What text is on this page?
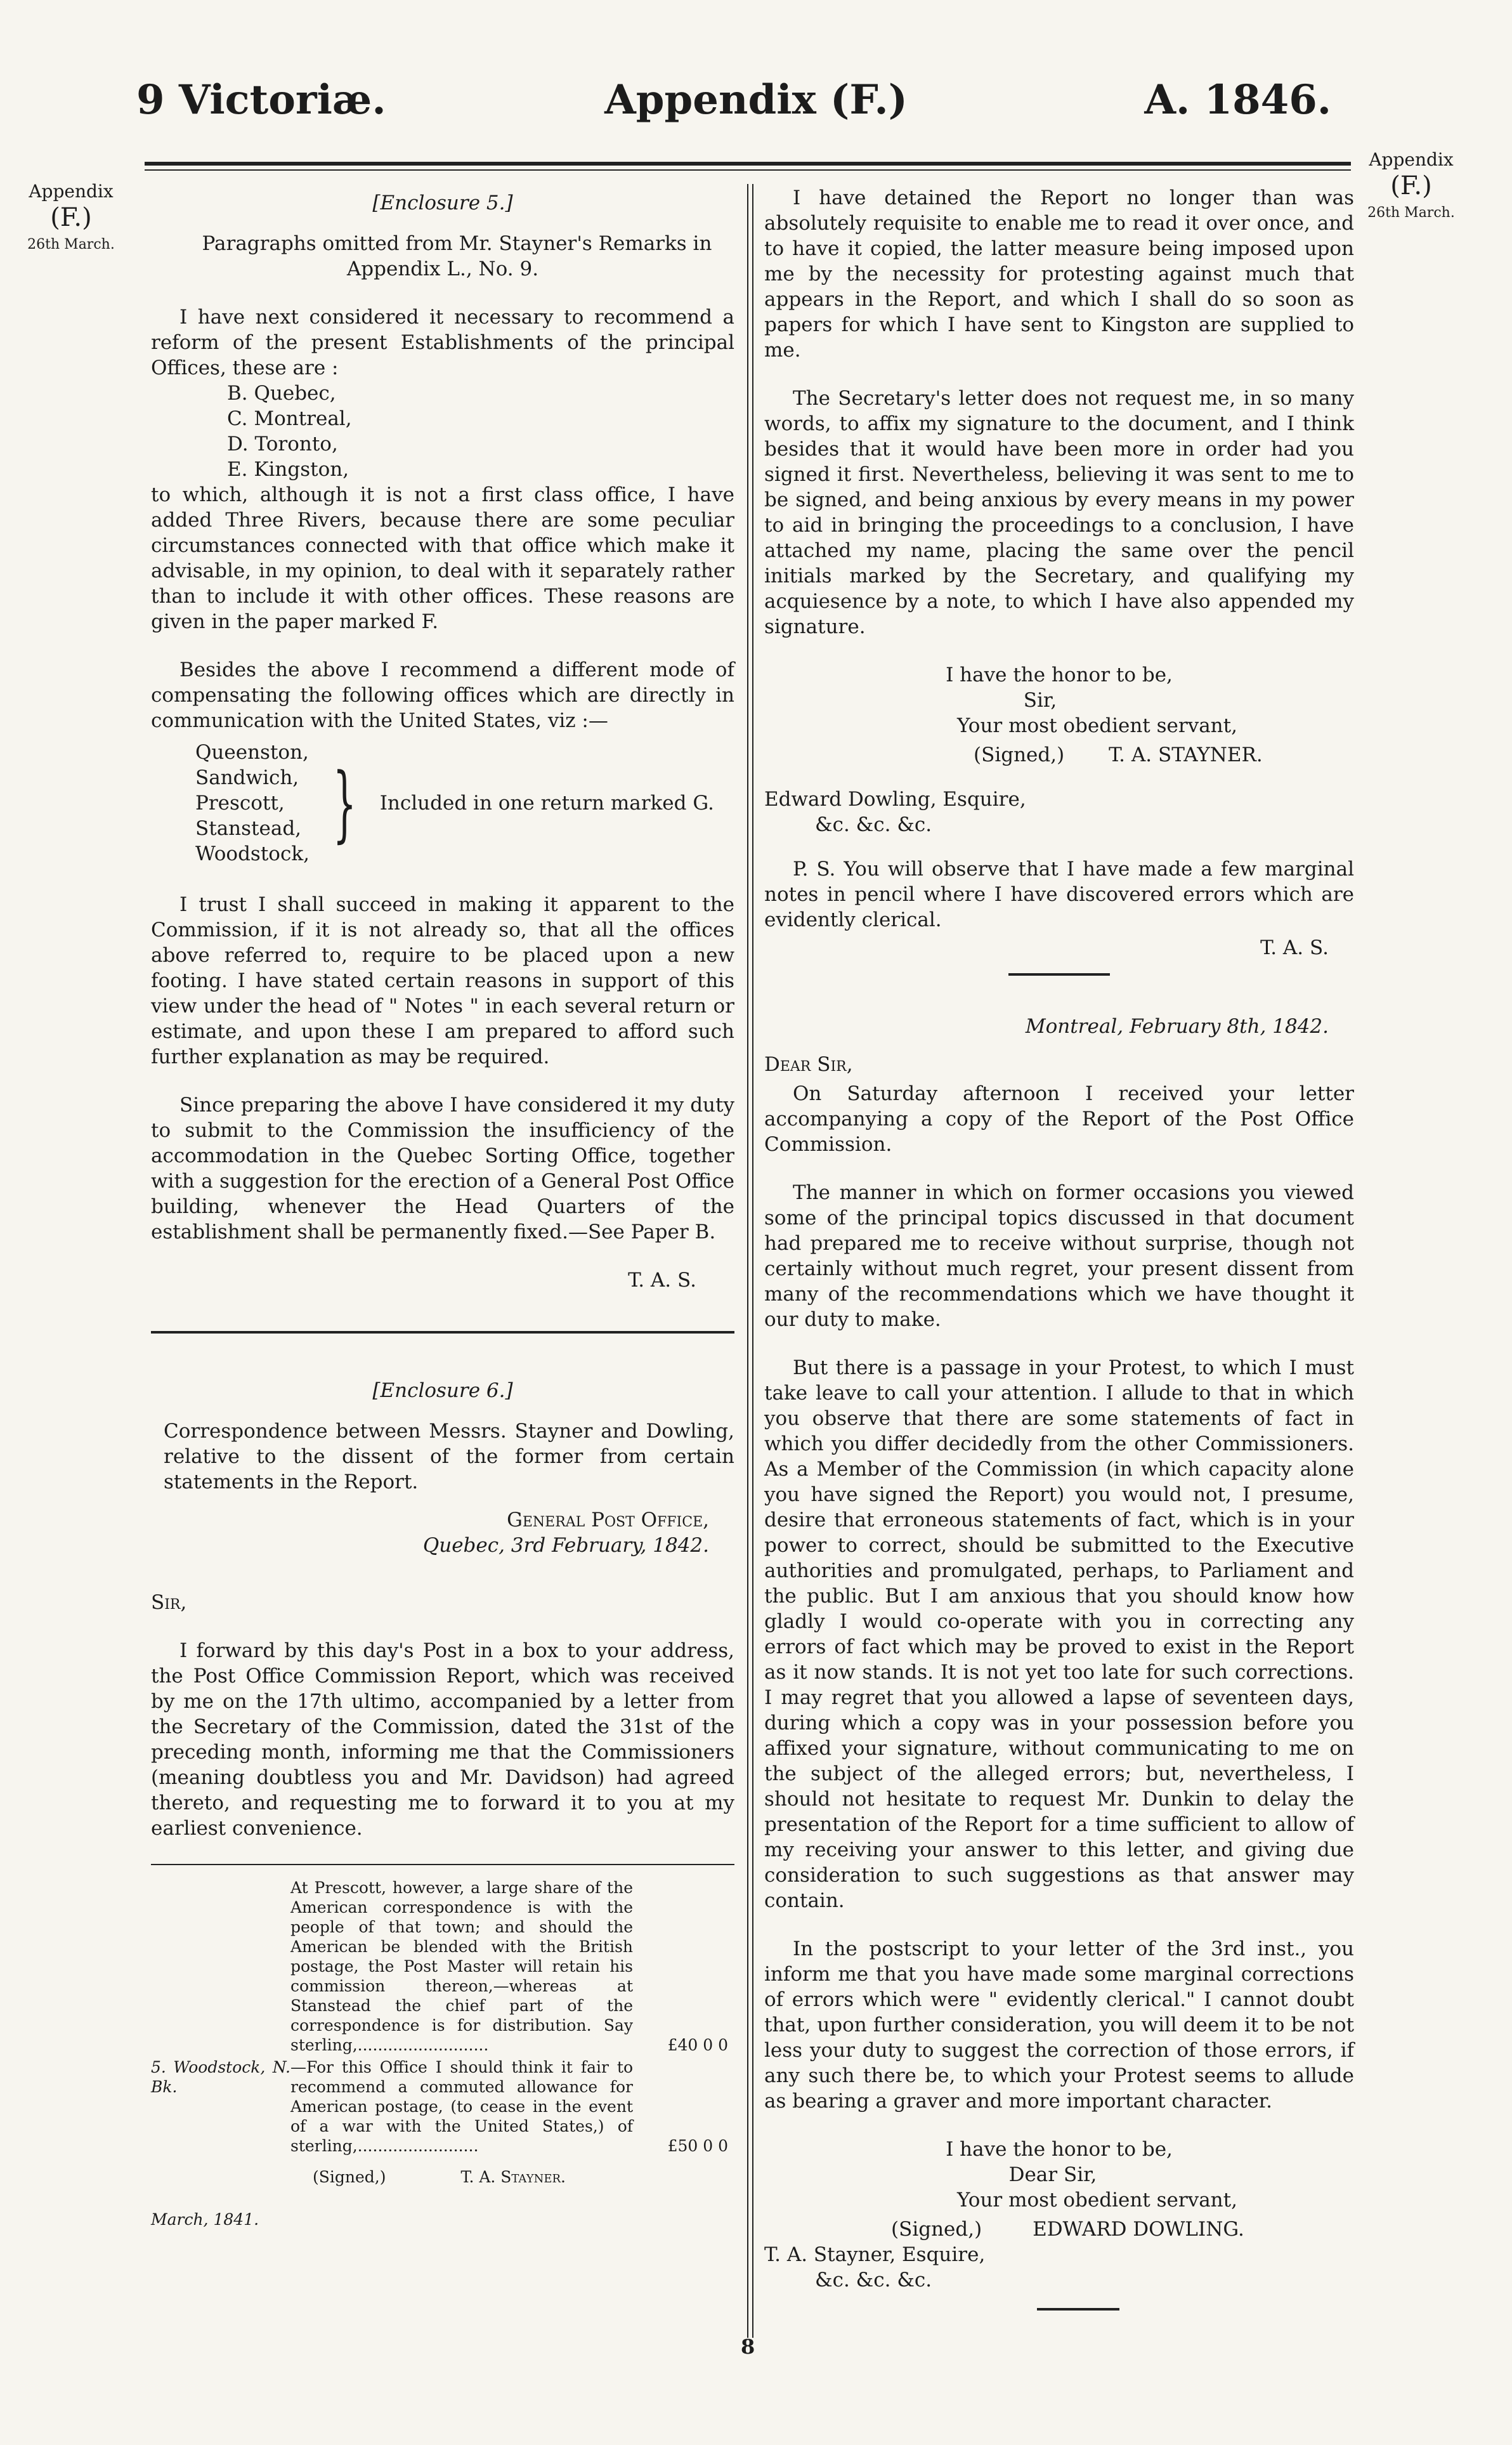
9 Victoriæ.	Appendix (F.)	A. 1846.
Appendix
(F.)
26th March.
Appendix
(F.)
26th March.
[Enclosure 5.]

Paragraphs omitted from Mr. Stayner's Remarks in Appendix L., No. 9.

I have next considered it necessary to recommend a reform of the present Establishments of the principal Offices, these are :

B. Quebec,
C. Montreal,
D. Toronto,
E. Kingston,

to which, although it is not a first class office, I have added Three Rivers, because there are some peculiar circumstances connected with that office which make it advisable, in my opinion, to deal with it separately rather than to include it with other offices. These reasons are given in the paper marked F.

Besides the above I recommend a different mode of compensating the following offices which are directly in communication with the United States, viz :—

Queenston,
Sandwich,
Prescott,
Stanstead,
Woodstock,
} Included in one return marked G.

I trust I shall succeed in making it apparent to the Commission, if it is not already so, that all the offices above referred to, require to be placed upon a new footing. I have stated certain reasons in support of this view under the head of " Notes " in each several return or estimate, and upon these I am prepared to afford such further explanation as may be required.

Since preparing the above I have considered it my duty to submit to the Commission the insufficiency of the accommodation in the Quebec Sorting Office, together with a suggestion for the erection of a General Post Office building, whenever the Head Quarters of the establishment shall be permanently fixed.—See Paper B.

T. A. S.
[Enclosure 6.]

Correspondence between Messrs. Stayner and Dowling, relative to the dissent of the former from certain statements in the Report.

General Post Office,
Quebec, 3rd February, 1842.
Sir,

I forward by this day's Post in a box to your address, the Post Office Commission Report, which was received by me on the 17th ultimo, accompanied by a letter from the Secretary of the Commission, dated the 31st of the preceding month, informing me that the Commissioners (meaning doubtless you and Mr. Davidson) had agreed thereto, and requesting me to forward it to you at my earliest convenience.

At Prescott, however, a large share of the American correspondence is with the people of that town; and should the American be blended with the British postage, the Post Master will retain his commission thereon,—whereas at Stanstead the chief part of the correspondence is for distribution. Say sterling,..........................	£40 0 0
5. Woodstock, N. Bk.	—For this Office I should think it fair to recommend a commuted allowance for American postage, (to cease in the event of a war with the United States,) of sterling,........................	£50 0 0
(Signed,)	T. A. Stayner.
March, 1841.

I have detained the Report no longer than was absolutely requisite to enable me to read it over once, and to have it copied, the latter measure being imposed upon me by the necessity for protesting against much that appears in the Report, and which I shall do so soon as papers for which I have sent to Kingston are supplied to me.

The Secretary's letter does not request me, in so many words, to affix my signature to the document, and I think besides that it would have been more in order had you signed it first. Nevertheless, believing it was sent to me to be signed, and being anxious by every means in my power to aid in bringing the proceedings to a conclusion, I have attached my name, placing the same over the pencil initials marked by the Secretary, and qualifying my acquiesence by a note, to which I have also appended my signature.

I have the honor to be,
Sir,
Your most obedient servant,
(Signed,) T. A. STAYNER.
Edward Dowling, Esquire,
&c. &c. &c.

P. S. You will observe that I have made a few marginal notes in pencil where I have discovered errors which are evidently clerical.

T. A. S.
Montreal, February 8th, 1842.
Dear Sir,

On Saturday afternoon I received your letter accompanying a copy of the Report of the Post Office Commission.

The manner in which on former occasions you viewed some of the principal topics discussed in that document had prepared me to receive without surprise, though not certainly without much regret, your present dissent from many of the recommendations which we have thought it our duty to make.

But there is a passage in your Protest, to which I must take leave to call your attention. I allude to that in which you observe that there are some statements of fact in which you differ decidedly from the other Commissioners. As a Member of the Commission (in which capacity alone you have signed the Report) you would not, I presume, desire that erroneous statements of fact, which is in your power to correct, should be submitted to the Executive authorities and promulgated, perhaps, to Parliament and the public. But I am anxious that you should know how gladly I would co-operate with you in correcting any errors of fact which may be proved to exist in the Report as it now stands. It is not yet too late for such corrections. I may regret that you allowed a lapse of seventeen days, during which a copy was in your possession before you affixed your signature, without communicating to me on the subject of the alleged errors; but, nevertheless, I should not hesitate to request Mr. Dunkin to delay the presentation of the Report for a time sufficient to allow of my receiving your answer to this letter, and giving due consideration to such suggestions as that answer may contain.

In the postscript to your letter of the 3rd inst., you inform me that you have made some marginal corrections of errors which were " evidently clerical." I cannot doubt that, upon further consideration, you will deem it to be not less your duty to suggest the correction of those errors, if any such there be, to which your Protest seems to allude as bearing a graver and more important character.

I have the honor to be,
Dear Sir,
Your most obedient servant,
(Signed,)	EDWARD DOWLING.
T. A. Stayner, Esquire,
&c. &c. &c.
8
